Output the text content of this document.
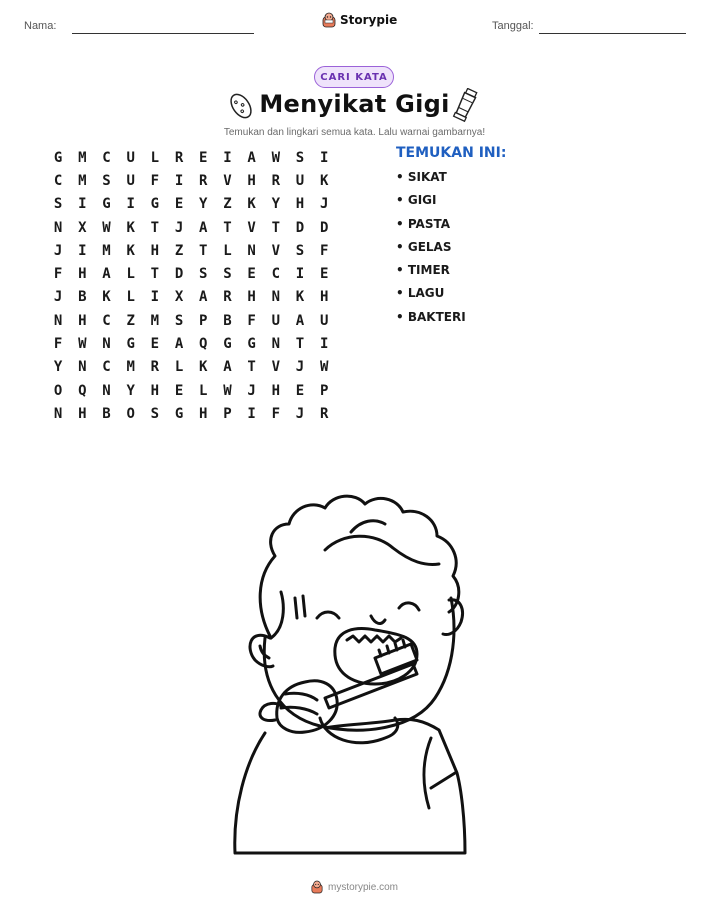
Nama:	Storypie	Tanggal:
CARI KATA
Menyikat Gigi
Temukan dan lingkari semua kata. Lalu warnai gambarnya!
G	M	C	U	L	R	E	I	A	W	S	I
C	M	S	U	F	I	R	V	H	R	U	K
S	I	G	I	G	E	Y	Z	K	Y	H	J
N	X	W	K	T	J	A	T	V	T	D	D
J	I	M	K	H	Z	T	L	N	V	S	F
F	H	A	L	T	D	S	S	E	C	I	E
J	B	K	L	I	X	A	R	H	N	K	H
N	H	C	Z	M	S	P	B	F	U	A	U
F	W	N	G	E	A	Q	G	G	N	T	I
Y	N	C	M	R	L	K	A	T	V	J	W
O	Q	N	Y	H	E	L	W	J	H	E	P
N	H	B	O	S	G	H	P	I	F	J	R
TEMUKAN INI:
• SIKAT
• GIGI
• PASTA
• GELAS
• TIMER
• LAGU
• BAKTERI
mystorypie.com
